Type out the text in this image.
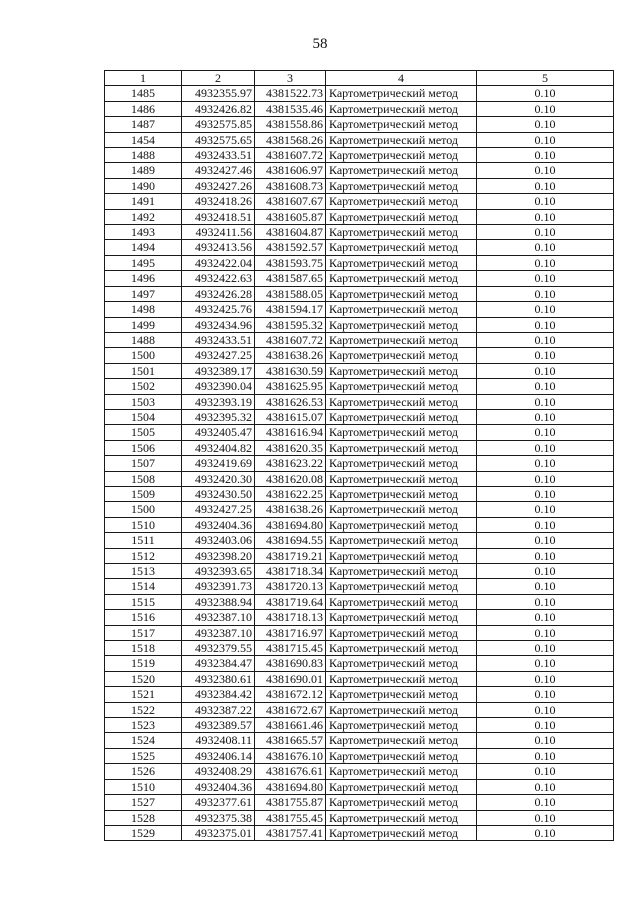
58
1	2	3	4	5
1485	4932355.97	4381522.73	Картометрический метод	0.10
1486	4932426.82	4381535.46	Картометрический метод	0.10
1487	4932575.85	4381558.86	Картометрический метод	0.10
1454	4932575.65	4381568.26	Картометрический метод	0.10
1488	4932433.51	4381607.72	Картометрический метод	0.10
1489	4932427.46	4381606.97	Картометрический метод	0.10
1490	4932427.26	4381608.73	Картометрический метод	0.10
1491	4932418.26	4381607.67	Картометрический метод	0.10
1492	4932418.51	4381605.87	Картометрический метод	0.10
1493	4932411.56	4381604.87	Картометрический метод	0.10
1494	4932413.56	4381592.57	Картометрический метод	0.10
1495	4932422.04	4381593.75	Картометрический метод	0.10
1496	4932422.63	4381587.65	Картометрический метод	0.10
1497	4932426.28	4381588.05	Картометрический метод	0.10
1498	4932425.76	4381594.17	Картометрический метод	0.10
1499	4932434.96	4381595.32	Картометрический метод	0.10
1488	4932433.51	4381607.72	Картометрический метод	0.10
1500	4932427.25	4381638.26	Картометрический метод	0.10
1501	4932389.17	4381630.59	Картометрический метод	0.10
1502	4932390.04	4381625.95	Картометрический метод	0.10
1503	4932393.19	4381626.53	Картометрический метод	0.10
1504	4932395.32	4381615.07	Картометрический метод	0.10
1505	4932405.47	4381616.94	Картометрический метод	0.10
1506	4932404.82	4381620.35	Картометрический метод	0.10
1507	4932419.69	4381623.22	Картометрический метод	0.10
1508	4932420.30	4381620.08	Картометрический метод	0.10
1509	4932430.50	4381622.25	Картометрический метод	0.10
1500	4932427.25	4381638.26	Картометрический метод	0.10
1510	4932404.36	4381694.80	Картометрический метод	0.10
1511	4932403.06	4381694.55	Картометрический метод	0.10
1512	4932398.20	4381719.21	Картометрический метод	0.10
1513	4932393.65	4381718.34	Картометрический метод	0.10
1514	4932391.73	4381720.13	Картометрический метод	0.10
1515	4932388.94	4381719.64	Картометрический метод	0.10
1516	4932387.10	4381718.13	Картометрический метод	0.10
1517	4932387.10	4381716.97	Картометрический метод	0.10
1518	4932379.55	4381715.45	Картометрический метод	0.10
1519	4932384.47	4381690.83	Картометрический метод	0.10
1520	4932380.61	4381690.01	Картометрический метод	0.10
1521	4932384.42	4381672.12	Картометрический метод	0.10
1522	4932387.22	4381672.67	Картометрический метод	0.10
1523	4932389.57	4381661.46	Картометрический метод	0.10
1524	4932408.11	4381665.57	Картометрический метод	0.10
1525	4932406.14	4381676.10	Картометрический метод	0.10
1526	4932408.29	4381676.61	Картометрический метод	0.10
1510	4932404.36	4381694.80	Картометрический метод	0.10
1527	4932377.61	4381755.87	Картометрический метод	0.10
1528	4932375.38	4381755.45	Картометрический метод	0.10
1529	4932375.01	4381757.41	Картометрический метод	0.10
